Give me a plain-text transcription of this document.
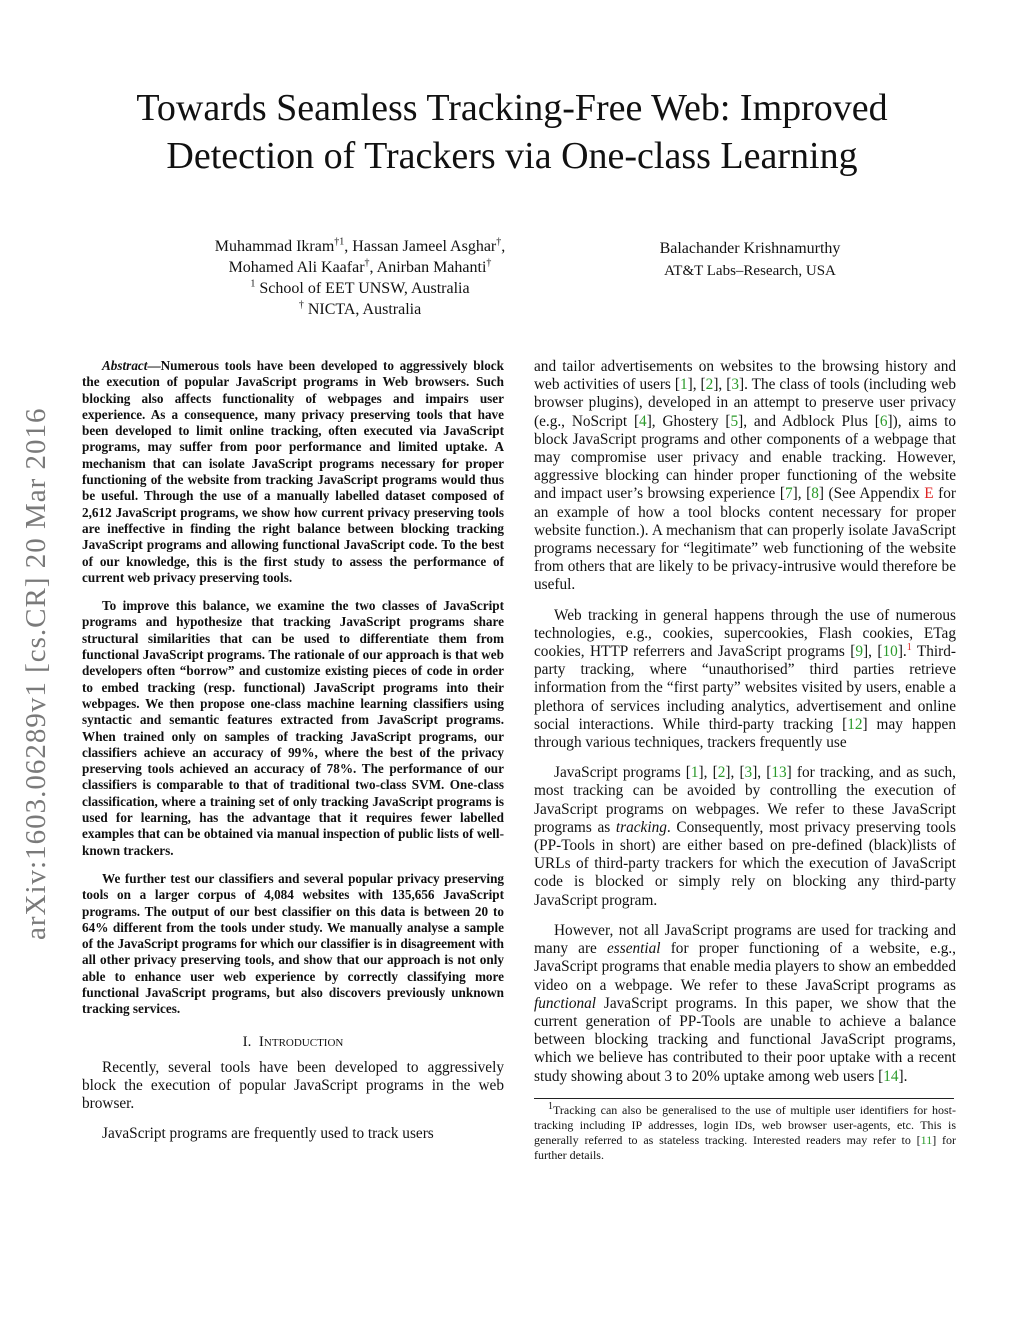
Towards Seamless Tracking-Free Web: Improved
Detection of Trackers via One-class Learning
Muhammad Ikram$^{\dagger 1}$, Hassan Jameel Asghar†,
Mohamed Ali Kaafar†, Anirban Mahanti†
$^1$ School of EET UNSW, Australia
† NICTA, Australia
Balachander Krishnamurthy
AT&T Labs–Research, USA
arXiv:1603.06289v1 [cs.CR] 20 Mar 2016

Abstract—Numerous tools have been developed to aggressively block the execution of popular JavaScript programs in Web browsers. Such blocking also affects functionality of webpages and impairs user experience. As a consequence, many privacy preserving tools that have been developed to limit online tracking, often executed via JavaScript programs, may suffer from poor performance and limited uptake. A mechanism that can isolate JavaScript programs necessary for proper functioning of the website from tracking JavaScript programs would thus be useful. Through the use of a manually labelled dataset composed of 2,612 JavaScript programs, we show how current privacy preserving tools are ineffective in finding the right balance between blocking tracking JavaScript programs and allowing functional JavaScript code. To the best of our knowledge, this is the first study to assess the performance of current web privacy preserving tools.

To improve this balance, we examine the two classes of JavaScript programs and hypothesize that tracking JavaScript programs share structural similarities that can be used to differentiate them from functional JavaScript programs. The rationale of our approach is that web developers often “borrow” and customize existing pieces of code in order to embed tracking (resp. functional) JavaScript programs into their webpages. We then propose one-class machine learning classifiers using syntactic and semantic features extracted from JavaScript programs. When trained only on samples of tracking JavaScript programs, our classifiers achieve an accuracy of 99%, where the best of the privacy preserving tools achieved an accuracy of 78%. The performance of our classifiers is comparable to that of traditional two-class SVM. One-class classification, where a training set of only tracking JavaScript programs is used for learning, has the advantage that it requires fewer labelled examples that can be obtained via manual inspection of public lists of well-known trackers.

We further test our classifiers and several popular privacy preserving tools on a larger corpus of 4,084 websites with 135,656 JavaScript programs. The output of our best classifier on this data is between 20 to 64% different from the tools under study. We manually analyse a sample of the JavaScript programs for which our classifier is in disagreement with all other privacy preserving tools, and show that our approach is not only able to enhance user web experience by correctly classifying more functional JavaScript programs, but also discovers previously unknown tracking services.

I. Introduction

Recently, several tools have been developed to aggressively block the execution of popular JavaScript programs in the web browser.

JavaScript programs are frequently used to track users

and tailor advertisements on websites to the browsing history and web activities of users [1], [2], [3]. The class of tools (including web browser plugins), developed in an attempt to preserve user privacy (e.g., NoScript [4], Ghostery [5], and Adblock Plus [6]), aims to block JavaScript programs and other components of a webpage that may compromise user privacy and enable tracking. However, aggressive blocking can hinder proper functioning of the website and impact user’s browsing experience [7], [8] (See Appendix E for an example of how a tool blocks content necessary for proper website function.). A mechanism that can properly isolate JavaScript programs necessary for “legitimate” web functioning of the website from others that are likely to be privacy-intrusive would therefore be useful.

Web tracking in general happens through the use of numerous technologies, e.g., cookies, supercookies, Flash cookies, ETag cookies, HTTP referrers and JavaScript programs [9], [10].$^1$ Third-party tracking, where “unauthorised” third parties retrieve information from the “first party” websites visited by users, enable a plethora of services including analytics, advertisement and online social interactions. While third-party tracking [12] may happen through various techniques, trackers frequently use

JavaScript programs [1], [2], [3], [13] for tracking, and as such, most tracking can be avoided by controlling the execution of JavaScript programs on webpages. We refer to these JavaScript programs as tracking. Consequently, most privacy preserving tools (PP-Tools in short) are either based on pre-defined (black)lists of URLs of third-party trackers for which the execution of JavaScript code is blocked or simply rely on blocking any third-party JavaScript program.

However, not all JavaScript programs are used for tracking and many are essential for proper functioning of a website, e.g., JavaScript programs that enable media players to show an embedded video on a webpage. We refer to these JavaScript programs as functional JavaScript programs. In this paper, we show that the current generation of PP-Tools are unable to achieve a balance between blocking tracking and functional JavaScript programs, which we believe has contributed to their poor uptake with a recent study showing about 3 to 20% uptake among web users [14].

$^1$Tracking can also be generalised to the use of multiple user identifiers for host-tracking including IP addresses, login IDs, web browser user-agents, etc. This is generally referred to as stateless tracking. Interested readers may refer to [11] for further details.
